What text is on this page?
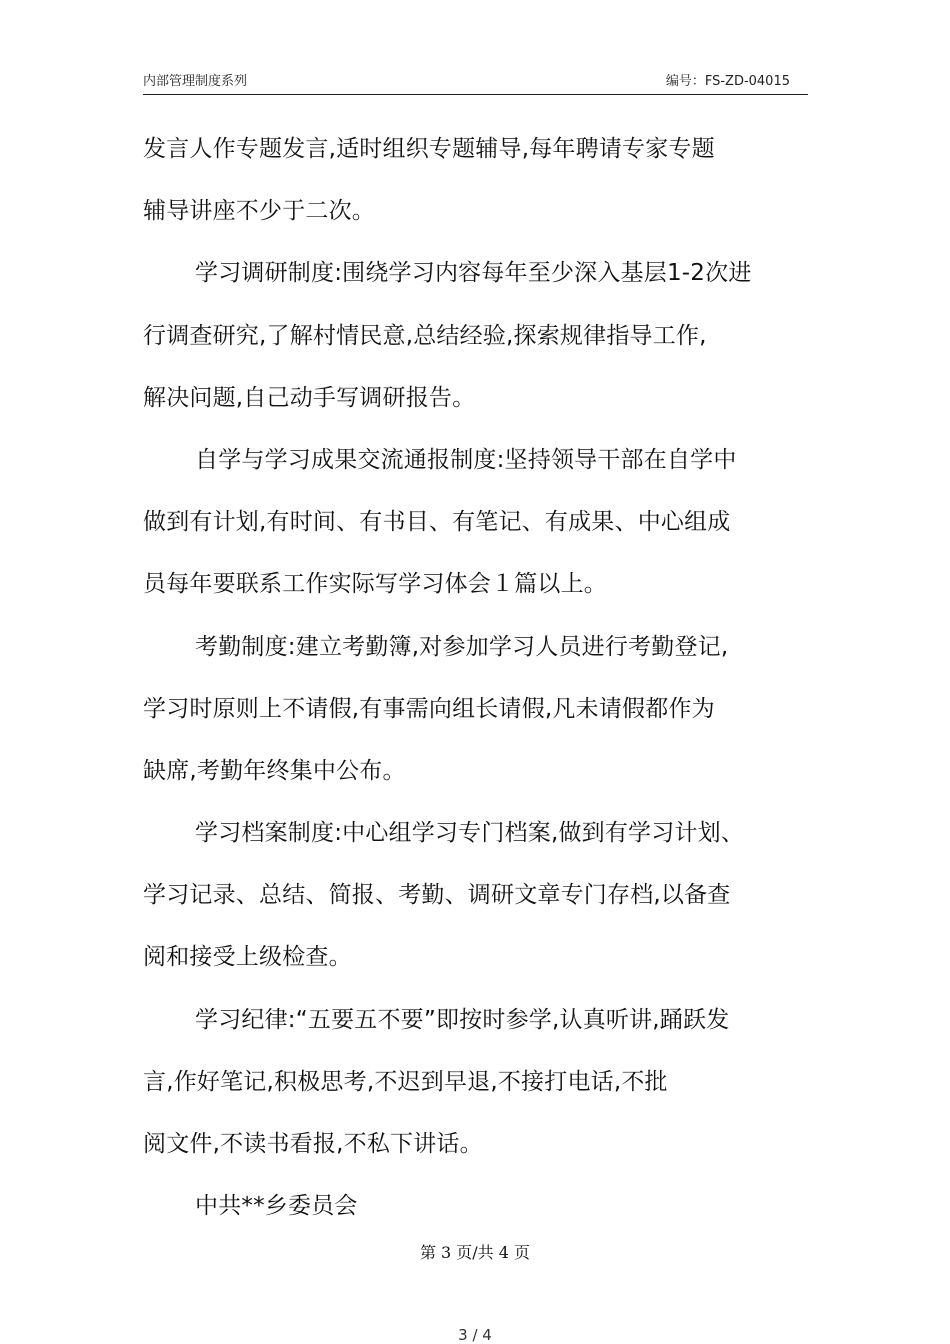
内部管理制度系列	编号：FS-ZD-04015
发言人作专题发言,适时组织专题辅导,每年聘请专家专题
辅导讲座不少于二次。
学习调研制度:围绕学习内容每年至少深入基层1-2次进
行调查研究,了解村情民意,总结经验,探索规律指导工作,
解决问题,自己动手写调研报告。
自学与学习成果交流通报制度:坚持领导干部在自学中
做到有计划,有时间、有书目、有笔记、有成果、中心组成
员每年要联系工作实际写学习体会１篇以上。
考勤制度:建立考勤簿,对参加学习人员进行考勤登记,
学习时原则上不请假,有事需向组长请假,凡未请假都作为
缺席,考勤年终集中公布。
学习档案制度:中心组学习专门档案,做到有学习计划、
学习记录、总结、简报、考勤、调研文章专门存档,以备查
阅和接受上级检查。
学习纪律:“五要五不要”即按时参学,认真听讲,踊跃发
言,作好笔记,积极思考,不迟到早退,不接打电话,不批
阅文件,不读书看报,不私下讲话。
中共**乡委员会
第 3 页/共 4 页
3 / 4
